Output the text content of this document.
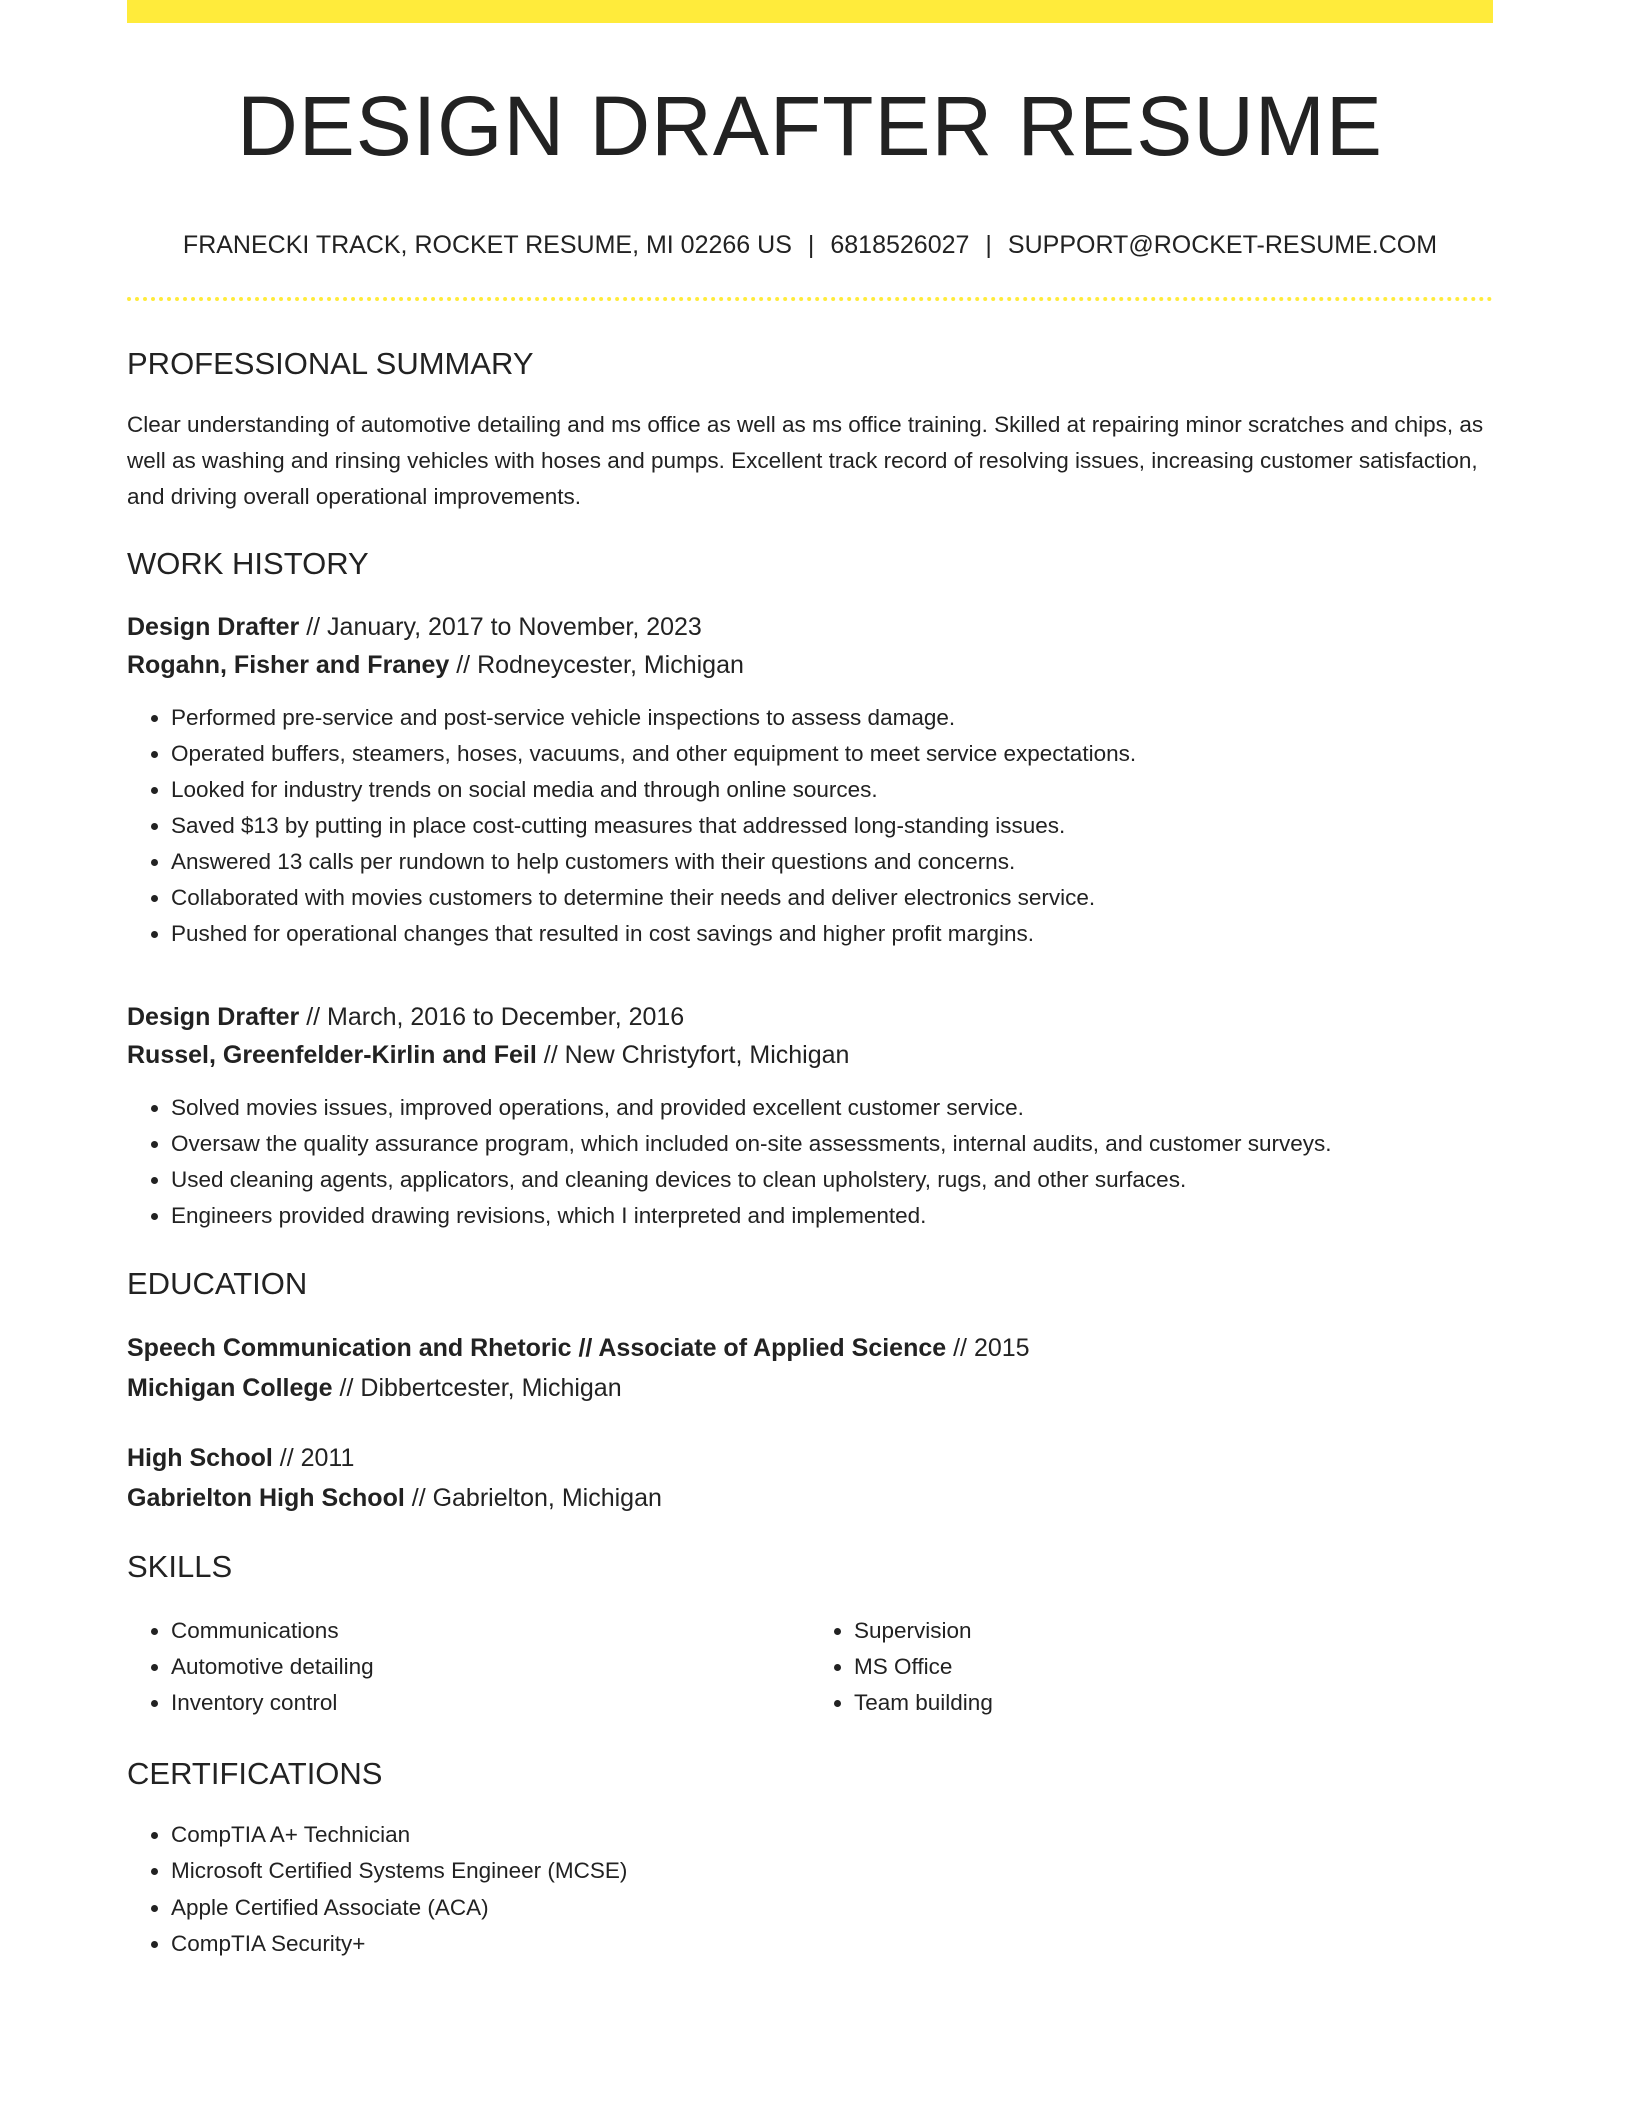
DESIGN DRAFTER RESUME
FRANECKI TRACK, ROCKET RESUME, MI 02266 US | 6818526027 | SUPPORT@ROCKET-RESUME.COM
PROFESSIONAL SUMMARY

Clear understanding of automotive detailing and ms office as well as ms office training. Skilled at repairing minor scratches and chips, as well as washing and rinsing vehicles with hoses and pumps. Excellent track record of resolving issues, increasing customer satisfaction, and driving overall operational improvements.

WORK HISTORY
Design Drafter // January, 2017 to November, 2023
Rogahn, Fisher and Franey // Rodneycester, Michigan
• Performed pre-service and post-service vehicle inspections to assess damage.
• Operated buffers, steamers, hoses, vacuums, and other equipment to meet service expectations.
• Looked for industry trends on social media and through online sources.
• Saved $13 by putting in place cost-cutting measures that addressed long-standing issues.
• Answered 13 calls per rundown to help customers with their questions and concerns.
• Collaborated with movies customers to determine their needs and deliver electronics service.
• Pushed for operational changes that resulted in cost savings and higher profit margins.
Design Drafter // March, 2016 to December, 2016
Russel, Greenfelder-Kirlin and Feil // New Christyfort, Michigan
• Solved movies issues, improved operations, and provided excellent customer service.
• Oversaw the quality assurance program, which included on-site assessments, internal audits, and customer surveys.
• Used cleaning agents, applicators, and cleaning devices to clean upholstery, rugs, and other surfaces.
• Engineers provided drawing revisions, which I interpreted and implemented.
EDUCATION
Speech Communication and Rhetoric // Associate of Applied Science // 2015
Michigan College // Dibbertcester, Michigan
High School // 2011
Gabrielton High School // Gabrielton, Michigan
SKILLS
• Communications
• Automotive detailing
• Inventory control
• Supervision
• MS Office
• Team building
CERTIFICATIONS
• CompTIA A+ Technician
• Microsoft Certified Systems Engineer (MCSE)
• Apple Certified Associate (ACA)
• CompTIA Security+
